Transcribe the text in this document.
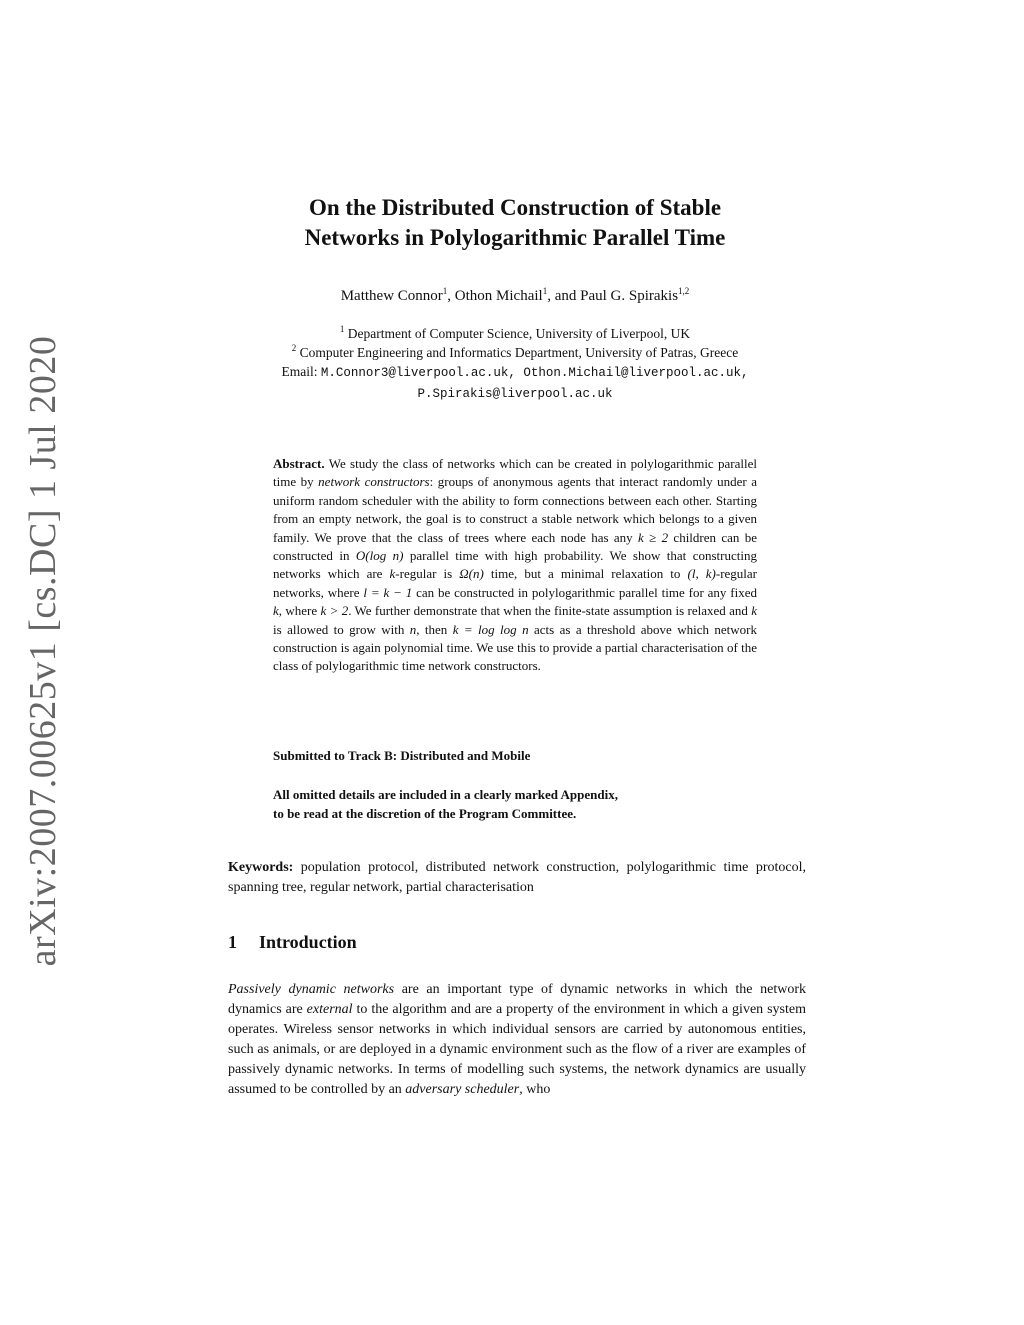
arXiv:2007.00625v1 [cs.DC] 1 Jul 2020
On the Distributed Construction of Stable
Networks in Polylogarithmic Parallel Time
Matthew Connor$^1$, Othon Michail$^1$, and Paul G. Spirakis$^{1,2}$
$^1$ Department of Computer Science, University of Liverpool, UK
$^2$ Computer Engineering and Informatics Department, University of Patras, Greece
Email: M.Connor3@liverpool.ac.uk, Othon.Michail@liverpool.ac.uk,
P.Spirakis@liverpool.ac.uk
Abstract. We study the class of networks which can be created in polylogarithmic parallel time by network constructors: groups of anonymous agents that interact randomly under a uniform random scheduler with the ability to form connections between each other. Starting from an empty network, the goal is to construct a stable network which belongs to a given family. We prove that the class of trees where each node has any k ≥ 2 children can be constructed in O(log n) parallel time with high probability. We show that constructing networks which are k-regular is Ω(n) time, but a minimal relaxation to (l, k)-regular networks, where l = k − 1 can be constructed in polylogarithmic parallel time for any fixed k, where k > 2. We further demonstrate that when the finite-state assumption is relaxed and k is allowed to grow with n, then k = log log n acts as a threshold above which network construction is again polynomial time. We use this to provide a partial characterisation of the class of polylogarithmic time network constructors.
Submitted to Track B: Distributed and Mobile
All omitted details are included in a clearly marked Appendix,
to be read at the discretion of the Program Committee.
Keywords: population protocol, distributed network construction, polylogarithmic time protocol, spanning tree, regular network, partial characterisation
1 Introduction
Passively dynamic networks are an important type of dynamic networks in which the network dynamics are external to the algorithm and are a property of the environment in which a given system operates. Wireless sensor networks in which individual sensors are carried by autonomous entities, such as animals, or are deployed in a dynamic environment such as the flow of a river are examples of passively dynamic networks. In terms of modelling such systems, the network dynamics are usually assumed to be controlled by an adversary scheduler, who
